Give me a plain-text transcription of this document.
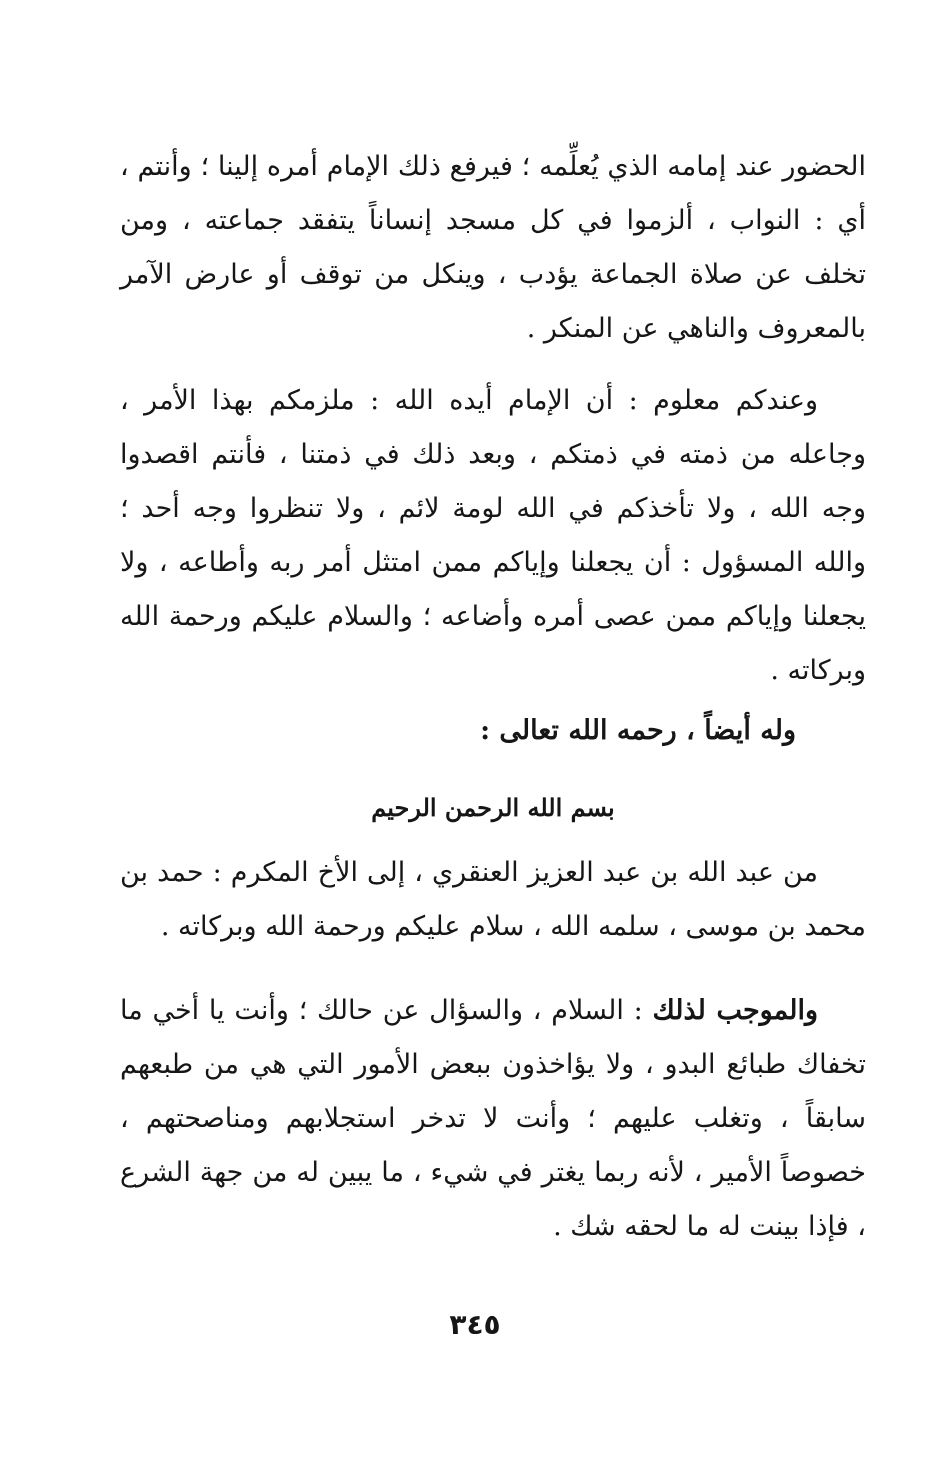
الحضور عند إمامه الذي يُعلِّمه ؛ فيرفع ذلك الإمام أمره إلينا ؛ وأنتم ، أي : النواب ، ألزموا في كل مسجد إنساناً يتفقد جماعته ، ومن تخلف عن صلاة الجماعة يؤدب ، وينكل من توقف أو عارض الآمر بالمعروف والناهي عن المنكر .

وعندكم معلوم : أن الإمام أيده الله : ملزمكم بهذا الأمر ، وجاعله من ذمته في ذمتكم ، وبعد ذلك في ذمتنا ، فأنتم اقصدوا وجه الله ، ولا تأخذكم في الله لومة لائم ، ولا تنظروا وجه أحد ؛ والله المسؤول : أن يجعلنا وإياكم ممن امتثل أمر ربه وأطاعه ، ولا يجعلنا وإياكم ممن عصى أمره وأضاعه ؛ والسلام عليكم ورحمة الله وبركاته .

وله أيضاً ، رحمه الله تعالى :

بسم الله الرحمن الرحيم

من عبد الله بن عبد العزيز العنقري ، إلى الأخ المكرم : حمد بن محمد بن موسى ، سلمه الله ، سلام عليكم ورحمة الله وبركاته .

والموجب لذلك : السلام ، والسؤال عن حالك ؛ وأنت يا أخي ما تخفاك طبائع البدو ، ولا يؤاخذون ببعض الأمور التي هي من طبعهم سابقاً ، وتغلب عليهم ؛ وأنت لا تدخر استجلابهم ومناصحتهم ، خصوصاً الأمير ، لأنه ربما يغتر في شيء ، ما يبين له من جهة الشرع ، فإذا بينت له ما لحقه شك .

٣٤٥
